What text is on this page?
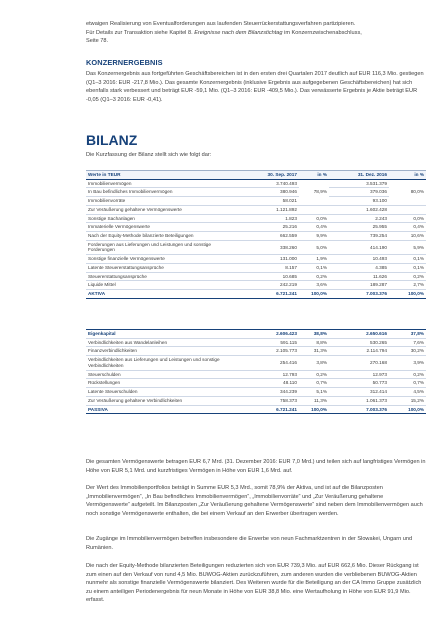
etwaigen Realisierung von Eventualforderungen aus laufenden Steuerrückerstattungsverfahren partizipieren.

Für Details zur Transaktion siehe Kapitel 8. Ereignisse nach dem Bilanzstichtag im Konzernzwischenabschluss,

Seite 78.

KONZERNERGEBNIS
Das Konzernergebnis aus fortgeführten Geschäftsbereichen ist in den ersten drei Quartalen 2017 deutlich auf EUR 116,3 Mio. gestiegen (Q1–3 2016: EUR -217,8 Mio.). Das gesamte Konzernergebnis (inklusive Ergebnis aus aufgegebenen Geschäftsbereichen) hat sich ebenfalls stark verbessert und beträgt EUR -59,1 Mio. (Q1–3 2016: EUR -409,5 Mio.). Das verwässerte Ergebnis je Aktie beträgt EUR -0,05 (Q1–3 2016: EUR -0,41).
BILANZ
Die Kurzfassung der Bilanz stellt sich wie folgt dar:
Werte in TEUR	30. Sep. 2017	in %	31. Dez. 2016	in %
Immobilienvermögen	3.740.493	78,9%	3.531.379	80,0%
In Bau befindliches Immobilienvermögen	380.946		379.036	
Immobilienvorräte	58.021		93.100	
Zur Veräußerung gehaltene Vermögenswerte	1.121.892		1.602.428	
Sonstige Sachanlagen	1.823	0,0%	2.243	0,0%
Immaterielle Vermögenswerte	25.216	0,4%	25.955	0,4%
Nach der Equity-Methode bilanzierte Beteiligungen	662.559	9,9%	739.254	10,6%
Forderungen aus Lieferungen und Leistungen und sonstige Forderungen	338.260	5,0%	414.190	5,9%
Sonstige finanzielle Vermögenswerte	131.000	1,9%	10.493	0,1%
Latente Steuererstattungsansprüche	8.157	0,1%	4.385	0,1%
Steuererstattungsansprüche	10.685	0,2%	11.626	0,2%
Liquide Mittel	242.219	3,6%	189.287	2,7%
AKTIVA	6.721.241	100,0%	7.003.376	100,0%
Eigenkapital	2.606.423	38,8%	2.650.616	37,8%
Verbindlichkeiten aus Wandelanleihen	591.115	8,8%	530.265	7,6%
Finanzverbindlichkeiten	2.105.773	31,3%	2.114.794	30,2%
Verbindlichkeiten aus Lieferungen und Leistungen und sonstige Verbindlichkeiten	254.416	3,8%	270.168	3,9%
Steuerschulden	12.793	0,2%	12.973	0,2%
Rückstellungen	48.110	0,7%	50.773	0,7%
Latente Steuerschulden	344.239	5,1%	312.414	4,5%
Zur Veräußerung gehaltene Verbindlichkeiten	758.373	11,3%	1.061.373	15,2%
PASSIVA	6.721.241	100,0%	7.003.376	100,0%
Die gesamten Vermögenswerte betragen EUR 6,7 Mrd. (31. Dezember 2016: EUR 7,0 Mrd.) und teilen sich auf langfristiges Vermögen in Höhe von EUR 5,1 Mrd. und kurzfristiges Vermögen in Höhe von EUR 1,6 Mrd. auf.
Der Wert des Immobilienportfolios beträgt in Summe EUR 5,3 Mrd., somit 78,9% der Aktiva, und ist auf die Bilanzposten „Immobilienvermögen“, „In Bau befindliches Immobilienvermögen“, „Immobilienvorräte“ und „Zur Veräußerung gehaltene Vermögenswerte“ aufgeteilt. Im Bilanzposten „Zur Veräußerung gehaltene Vermögenswerte“ sind neben dem Immobilienvermögen auch noch sonstige Vermögenswerte enthalten, die bei einem Verkauf an den Erwerber übertragen werden.
Die Zugänge im Immobilienvermögen betreffen insbesondere die Erwerbe von neun Fachmarktzentren in der Slowakei, Ungarn und Rumänien.
Die nach der Equity-Methode bilanzierten Beteiligungen reduzierten sich von EUR 739,3 Mio. auf EUR 662,6 Mio. Dieser Rückgang ist zum einen auf den Verkauf von rund 4,5 Mio. BUWOG-Aktien zurückzuführen, zum anderen wurden die verbliebenen BUWOG-Aktien nunmehr als sonstige finanzielle Vermögenswerte bilanziert. Des Weiteren wurde für die Beteiligung an der CA Immo Gruppe zusätzlich zu einem anteiligen Periodenergebnis für neun Monate in Höhe von EUR 38,8 Mio. eine Wertaufholung in Höhe von EUR 91,9 Mio. erfasst.
